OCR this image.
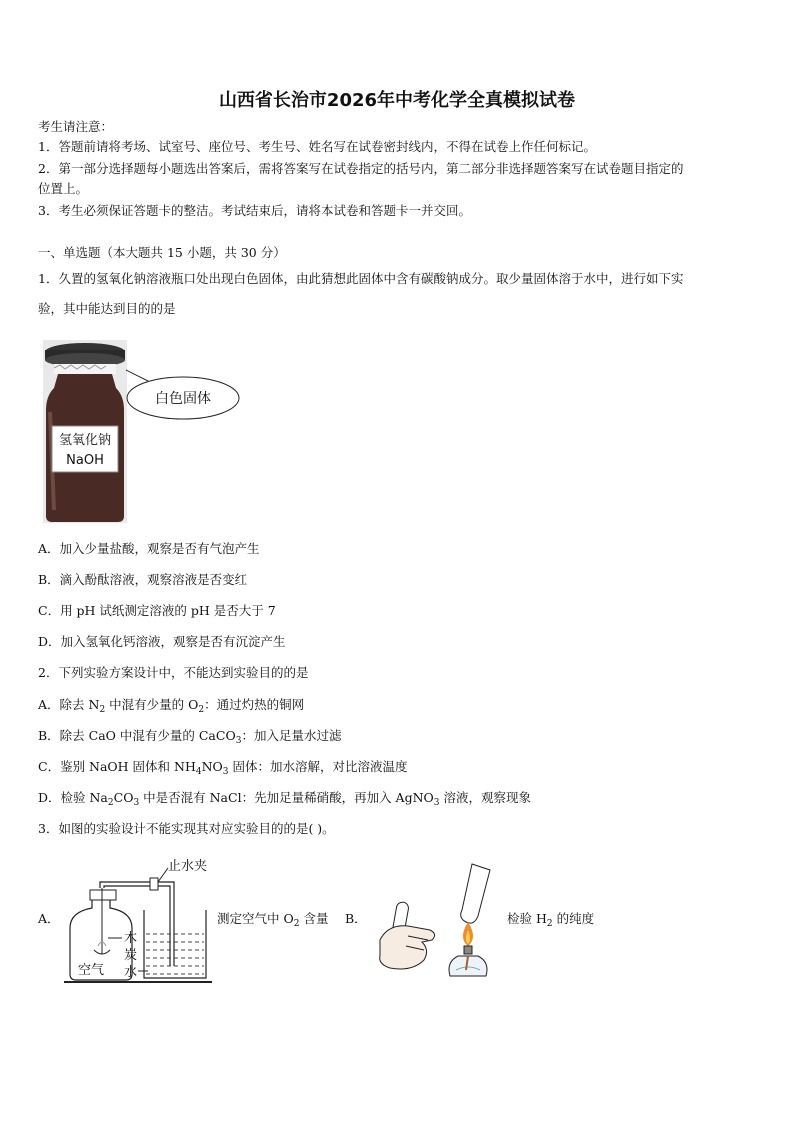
山西省长治市2026年中考化学全真模拟试卷
考生请注意：
1．答题前请将考场、试室号、座位号、考生号、姓名写在试卷密封线内，不得在试卷上作任何标记。
2．第一部分选择题每小题选出答案后，需将答案写在试卷指定的括号内，第二部分非选择题答案写在试卷题目指定的
位置上。
3．考生必须保证答题卡的整洁。考试结束后，请将本试卷和答题卡一并交回。
一、单选题（本大题共 15 小题，共 30 分）
1．久置的氢氧化钠溶液瓶口处出现白色固体，由此猜想此固体中含有碳酸钠成分。取少量固体溶于水中，进行如下实
验，其中能达到目的的是
氢氧化钠
NaOH
白色固体
A．加入少量盐酸，观察是否有气泡产生
B．滴入酚酞溶液，观察溶液是否变红
C．用 pH 试纸测定溶液的 pH 是否大于 7
D．加入氢氧化钙溶液，观察是否有沉淀产生
2．下列实验方案设计中，不能达到实验目的的是
A．除去 $N_2$ 中混有少量的 $O_2$：通过灼热的铜网
B．除去 CaO 中混有少量的 CaCO$_3$：加入足量水过滤
C．鉴别 NaOH 固体和 $NH_4NO_3$ 固体：加水溶解，对比溶液温度
D．检验 $Na_2CO_3$ 中是否混有 NaCl：先加足量稀硝酸，再加入 AgNO$_3$ 溶液，观察现象
3．如图的实验设计不能实现其对应实验目的的是( )。
A．
止水夹
空气
木
炭
水
测定空气中 $O_2$ 含量 B．	检验 $H_2$ 的纯度
